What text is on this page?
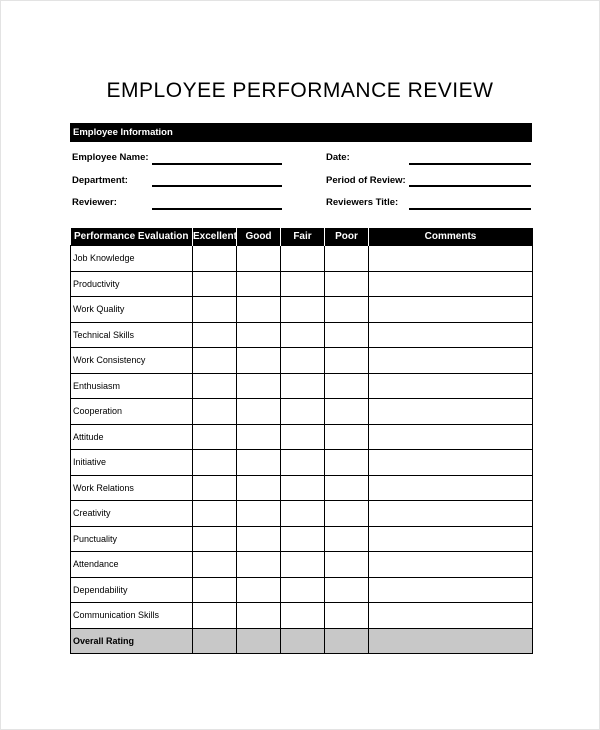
EMPLOYEE PERFORMANCE REVIEW
Employee Information
Employee Name:
Department:
Reviewer:
Date:
Period of Review:
Reviewers Title:
Performance Evaluation	Excellent	Good	Fair	Poor	Comments
Job Knowledge					
Productivity					
Work Quality					
Technical Skills					
Work Consistency					
Enthusiasm					
Cooperation					
Attitude					
Initiative					
Work Relations					
Creativity					
Punctuality					
Attendance					
Dependability					
Communication Skills					
Overall Rating					
